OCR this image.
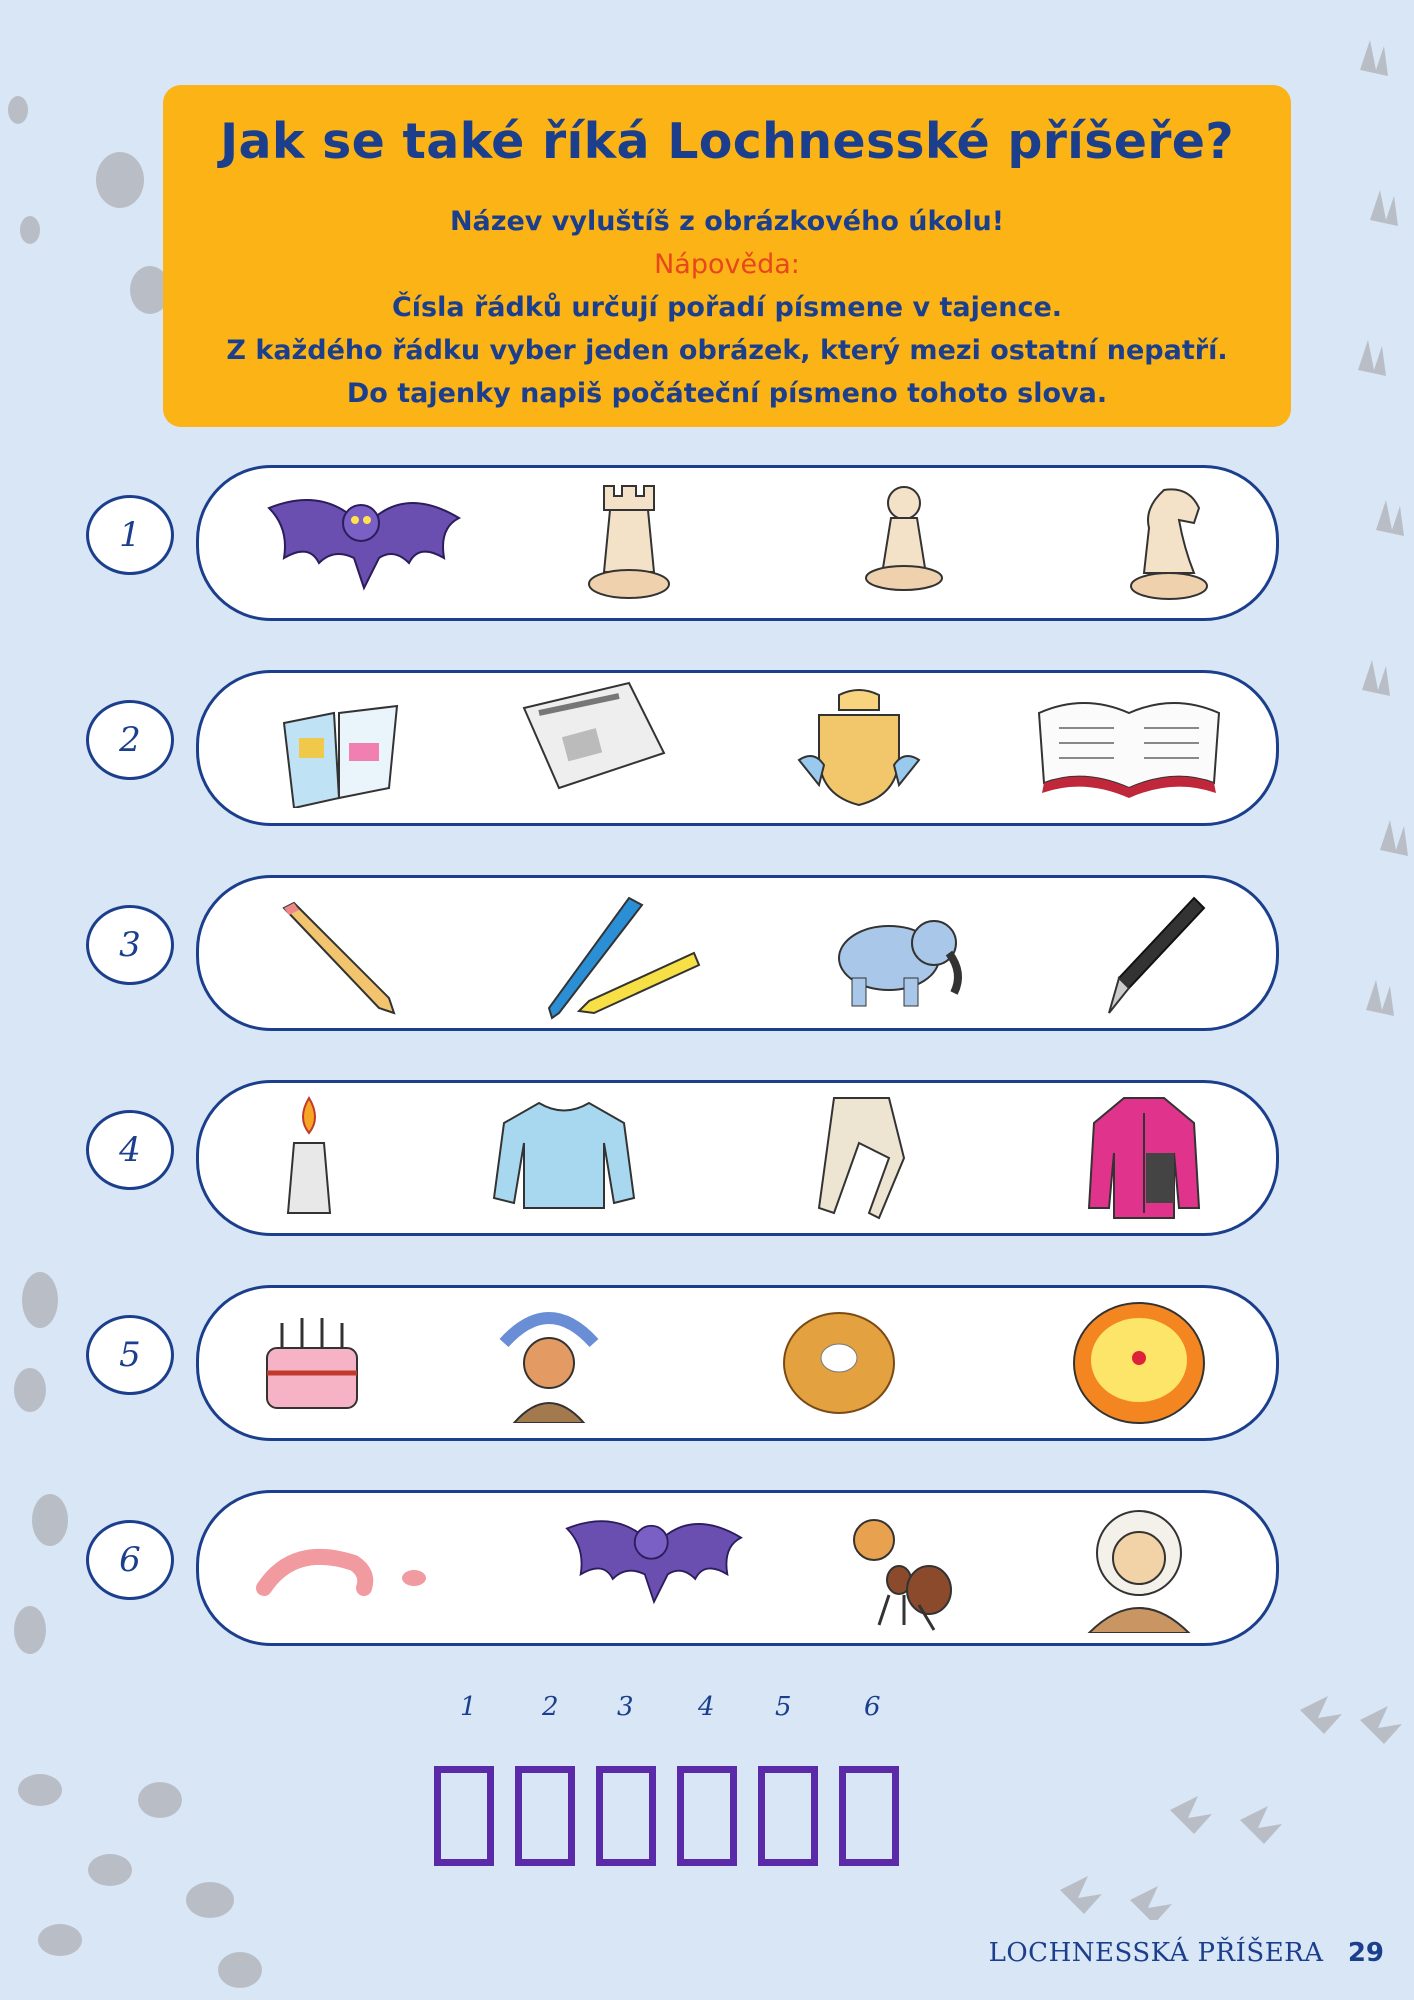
Jak se také říká Lochnesské příšeře?
Název vyluštíš z obrázkového úkolu!
Nápověda:
Čísla řádků určují pořadí písmene v tajence.
Z každého řádku vyber jeden obrázek, který mezi ostatní nepatří.
Do tajenky napiš počáteční písmeno tohoto slova.
1
2
3
4
5
6
1	2 3 4 5	6
LOCHNESSKÁ PŘÍŠERA 29
